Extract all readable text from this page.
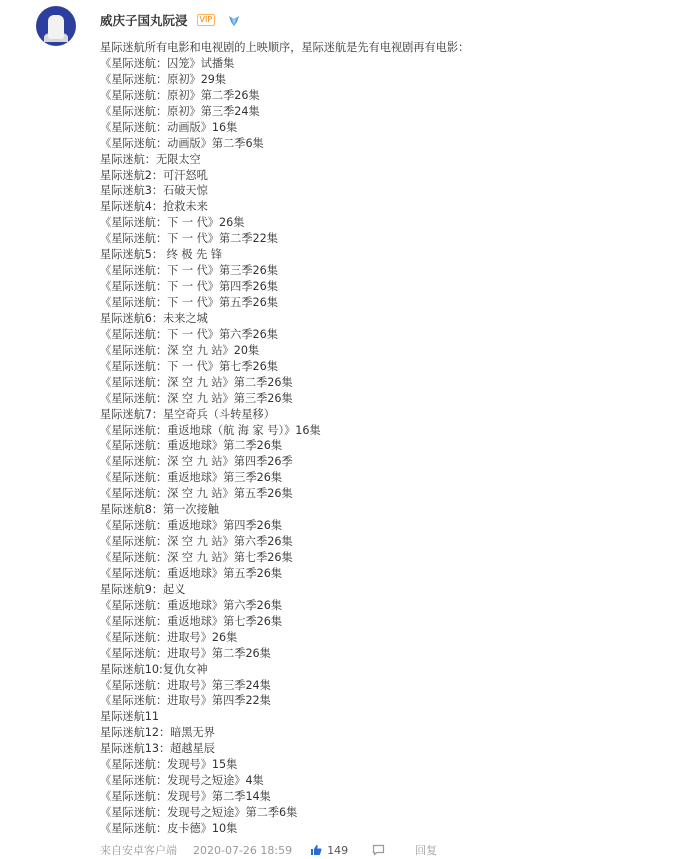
威庆子国丸阮浸	VIP
星际迷航所有电影和电视剧的上映顺序，星际迷航是先有电视剧再有电影：
《星际迷航：囚笼》试播集
《星际迷航：原初》29集
《星际迷航：原初》第二季26集
《星际迷航：原初》第三季24集
《星际迷航：动画版》16集
《星际迷航：动画版》第二季6集
星际迷航：无限太空
星际迷航2：可汗怒吼
星际迷航3：石破天惊
星际迷航4：抢救未来
《星际迷航：下 一 代》26集
《星际迷航：下 一 代》第二季22集
星际迷航5： 终 极 先 锋
《星际迷航：下 一 代》第三季26集
《星际迷航：下 一 代》第四季26集
《星际迷航：下 一 代》第五季26集
星际迷航6：未来之城
《星际迷航：下 一 代》第六季26集
《星际迷航：深 空 九 站》20集
《星际迷航：下 一 代》第七季26集
《星际迷航：深 空 九 站》第二季26集
《星际迷航：深 空 九 站》第三季26集
星际迷航7：星空奇兵（斗转星移）
《星际迷航：重返地球（航 海 家 号）》16集
《星际迷航：重返地球》第二季26集
《星际迷航：深 空 九 站》第四季26季
《星际迷航：重返地球》第三季26集
《星际迷航：深 空 九 站》第五季26集
星际迷航8：第一次接触
《星际迷航：重返地球》第四季26集
《星际迷航：深 空 九 站》第六季26集
《星际迷航：深 空 九 站》第七季26集
《星际迷航：重返地球》第五季26集
星际迷航9：起义
《星际迷航：重返地球》第六季26集
《星际迷航：重返地球》第七季26集
《星际迷航：进取号》26集
《星际迷航：进取号》第二季26集
星际迷航10:复仇女神
《星际迷航：进取号》第三季24集
《星际迷航：进取号》第四季22集
星际迷航11
星际迷航12：暗黑无界
星际迷航13：超越星辰
《星际迷航：发现号》15集
《星际迷航：发现号之短途》4集
《星际迷航：发现号》第二季14集
《星际迷航：发现号之短途》第二季6集
《星际迷航：皮卡德》10集
来自安卓客户端 2020-07-26 18:59	149	回复
